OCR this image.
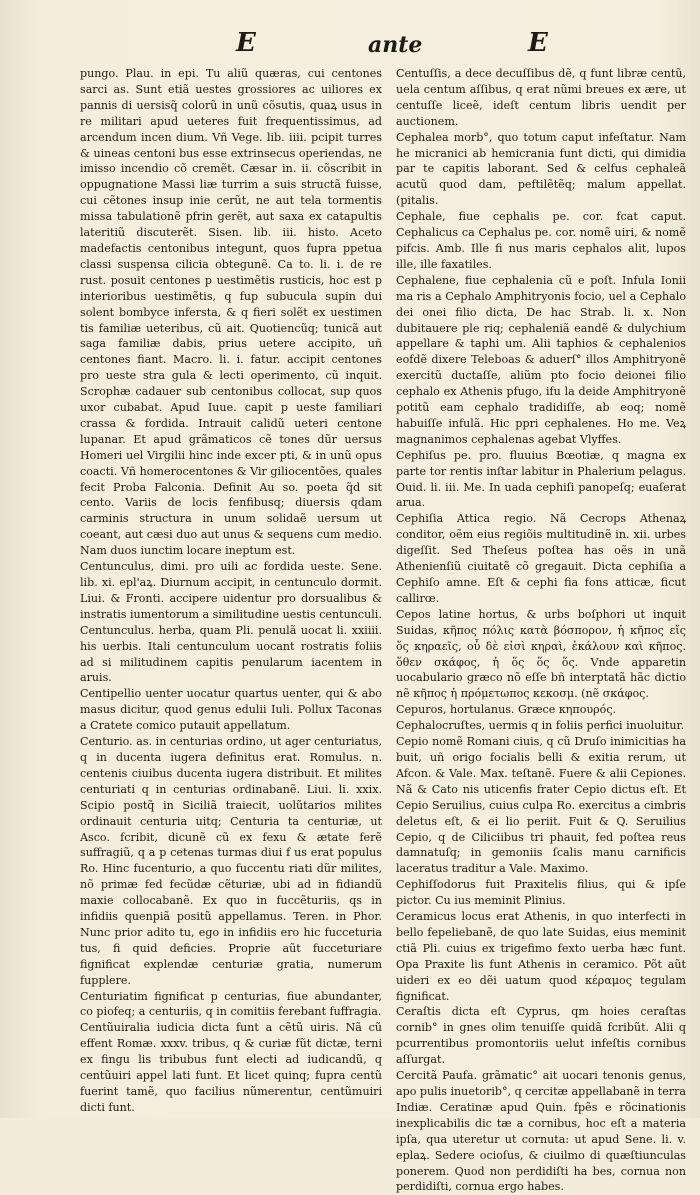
E	ante	E

pungo. Plau. in epi. Tu aliũ quæras, cui centones sarci as. Sunt etiã uestes grossiores ac uiliores ex pannis di uersisq̃ colorũ in unũ cõsutis, quaꝝ usus in re militari apud ueteres fuit frequentissimus, ad arcendum incen dium. Vñ Vege. lib. iiii. pcipit turres & uineas centoni bus esse extrinsecus operiendas, ne imisso incendio cõ cremẽt. Cæsar in. ii. cõscribit in oppugnatione Massi liæ turrim a suis structã fuisse, cui cẽtones insup inie cerũt, ne aut tela tormentis missa tabulationẽ pfrin gerẽt, aut saxa ex catapultis lateritiũ discuterẽt. Sisen. lib. iii. histo. Aceto madefactis centonibus integunt, quos fupra ppetua classi suspensa cilicia obtegunẽ. Ca to. li. i. de re rust. posuit centones p uestimẽtis rusticis, hoc est p interioribus uestimẽtis, q fup subucula supin dui solent bombyce infersta, & q fieri solẽt ex uestimen tis familiæ ueteribus, cũ ait. Quotiencũq; tunicã aut saga familiæ dabis, prius uetere accipito, uñ centones fiant. Macro. li. i. fatur. accipit centones pro ueste stra gula & lecti operimento, cũ inquit. Scrophæ cadauer sub centonibus collocat, sup quos uxor cubabat. Apud Iuue. capit p ueste familiari crassa & fordida. Intrauit calidũ ueteri centone lupanar. Et apud grãmaticos cẽ tones dũr uersus Homeri uel Virgilii hinc inde excer pti, & in unũ opus coacti. Vñ homerocentones & Vir giliocentões, quales fecit Proba Falconia. Definit Au so. poeta q̃d sit cento. Variis de locis fenfibusq; diuersis qdam carminis structura in unum solidaẽ uersum ut coeant, aut cæsi duo aut unus & sequens cum medio. Nam duos iunctim locare ineptum est.

Centunculus, dimi. pro uili ac fordida ueste. Sene. lib. xi. epl'aꝝ. Diurnum accipit, in centunculo dormit. Liui. & Fronti. accipere uidentur pro dorsualibus & instratis iumentorum a similitudine uestis centunculi.

Centunculus. herba, quam Pli. penulã uocat li. xxiiii. his uerbis. Itali centunculum uocant rostratis foliis ad si militudinem capitis penularum iacentem in aruis.

Centipellio uenter uocatur quartus uenter, qui & abo masus dicitur, quod genus edulii Iuli. Pollux Taconas a Cratete comico putauit appellatum.

Centurio. as. in centurias ordino, ut ager centuriatus, q in ducenta iugera definitus erat. Romulus. n. centenis ciuibus ducenta iugera distribuit. Et milites centuriati q in centurias ordinabanẽ. Liui. li. xxix. Scipio postq̃ in Siciliã traiecit, uolũtarios milites ordinauit centuria uitq; Centuria ta centuriæ, ut Asco. fcribit, dicunẽ cũ ex fexu & ætate ferẽ suffragiũ, q a p cetenas turmas diui f us erat populus Ro. Hinc fucenturio, a quo fuccentu riati dũr milites, nõ primæ fed fecũdæ cẽturiæ, ubi ad in fidiandũ maxie collocabanẽ. Ex quo in fuccẽturiis, qs in infidiis quenpiã positũ appellamus. Teren. in Phor. Nunc prior adito tu, ego in infidiis ero hic fucceturia tus, fi quid deficies. Proprie aũt fucceturiare fignificat explendæ centuriæ gratia, numerum fupplere.

Centuriatim fignificat p centurias, fiue abundanter, co piofeq; a centuriis, q in comitiis ferebant fuffragia.

Centũuiralia iudicia dicta funt a cẽtũ uiris. Nã cũ effent Romæ. xxxv. tribus, q & curiæ fũt dictæ, terni ex fingu lis tribubus funt electi ad iudicandũ, q centũuiri appel lati funt. Et licet quinq; fupra centũ fuerint tamẽ, quo facilius nũmerentur, centũmuiri dicti funt.

Centuſſis, a dece decuſſibus dẽ, q funt libræ centũ, uela centum aſſibus, q erat nũmi breues ex ære, ut centuſſe liceẽ, ideſt centum libris uendit per auctionem.

Cephalea morb°, quo totum caput infeſtatur. Nam he micranici ab hemicrania funt dicti, qui dimidia par te capitis laborant. Sed & celfus cephaleã acutũ quod dam, peftilẽtẽq; malum appellat. (pitalis.

Cephale, fiue cephalis pe. cor. fcat caput. Cephalicus ca Cephalus pe. cor. nomẽ uiri, & nomẽ pifcis. Amb. Ille fi nus maris cephalos alit, lupos ille, ille faxatiles.

Cephalene, fiue cephalenia cũ e poſt. Infula Ionii ma ris a Cephalo Amphitryonis focio, uel a Cephalo dei onei filio dicta, De hac Strab. li. x. Non dubitauere ple riq; cephaleniã eandẽ & dulychium appellare & taphi um. Alii taphios & cephalenios eofdẽ dixere Teleboas & aduerſ° illos Amphitryonẽ exercitũ ductaſſe, aliũm pto focio deionei filio cephalo ex Athenis pfugo, ifu la deide Amphitryonẽ potitũ eam cephalo tradidiſſe, ab eoq; nomẽ habuiſſe infulã. Hic ppri cephalenes. Ho me. Veꝝ magnanimos cephalenas agebat Vlyffes.

Cephiſus pe. pro. fluuius Bœotiæ, q magna ex parte tor rentis inſtar labitur in Phalerium pelagus. Ouid. li. iii. Me. In uada cephiſi panopeſq; euaſerat arua.

Cephiſia Attica regio. Nã Cecrops Athenaꝝ conditor, oẽm eius regiõis multitudinẽ in. xii. urbes digeſſit. Sed Theſeus poſtea has oẽs in unã Athenienſiũ ciuitatẽ cõ gregauit. Dicta cephiſia a Cephiſo amne. Eſt & cephi fia fons atticæ, ficut callirœ.

Cepos latine hortus, & urbs boſphori ut inquit Suidas, κῆπος πόλις κατὰ βόσπορον, ἡ κῆπος εἴς ὅς κηραεῖς, οὗ δὲ εἰσὶ κηραὶ, ἐκάλουν καὶ κῆπος. ὅθεν σκάφος, ἡ ὅς ὅς ὅς. Vnde apparetin uocabulario græco nõ eſſe bñ interptatã hãc dictio nẽ κῆπος ἡ πρόμετωπος κεκοσμ. (nẽ σκάφος.

Cepuros, hortulanus. Græce κηπουρός.

Cephalocruſtes, uermis q in foliis perfici inuoluitur.

Cepio nomẽ Romani ciuis, q cũ Druſo inimicitias ha buit, uñ origo focialis belli & exitia rerum, ut Afcon. & Vale. Max. teſtanẽ. Fuere & alii Cepiones. Nã & Cato nis uticenfis frater Cepio dictus eſt. Et Cepio Seruilius, cuius culpa Ro. exercitus a cimbris deletus eſt, & ei lio periit. Fuit & Q. Seruilius Cepio, q de Ciliciibus tri phauit, fed poſtea reus damnatuſq; in gemoniis ſcalis manu carnificis laceratus traditur a Vale. Maximo.

Cephiſſodorus fuit Praxitelis filius, qui & ipſe pictor. Cu ius meminit Plinius.

Ceramicus locus erat Athenis, in quo interfecti in bello fepeliebanẽ, de quo late Suidas, eius meminit ctiã Pli. cuius ex trigefimo fexto uerba hæc funt. Opa Praxite lis funt Athenis in ceramico. Põt aũt uideri ex eo dẽi uatum quod κέραμος tegulam fignificat.

Ceraſtis dicta eſt Cyprus, qm hoies ceraſtas cornib° in gnes olim tenuiſſe quidã fcribũt. Alii q pcurrentibus promontoriis uelut infeſtis cornibus aſſurgat.

Cercitã Paufa. grãmatic° ait uocari tenonis genus, apo pulis inuetorib°, q cercitæ appellabanẽ in terra Indiæ. Ceratinæ apud Quin. fpẽs e rõcinationis inexplicabilis dic tæ a cornibus, hoc eſt a materia ipſa, qua uteretur ut cornuta: ut apud Sene. li. v. eplaꝝ. Sedere ocioſus, & ciuilmo di quæſtiunculas ponerem. Quod non perdidiſti ha bes, cornua non perdidiſti, cornua ergo habes.
